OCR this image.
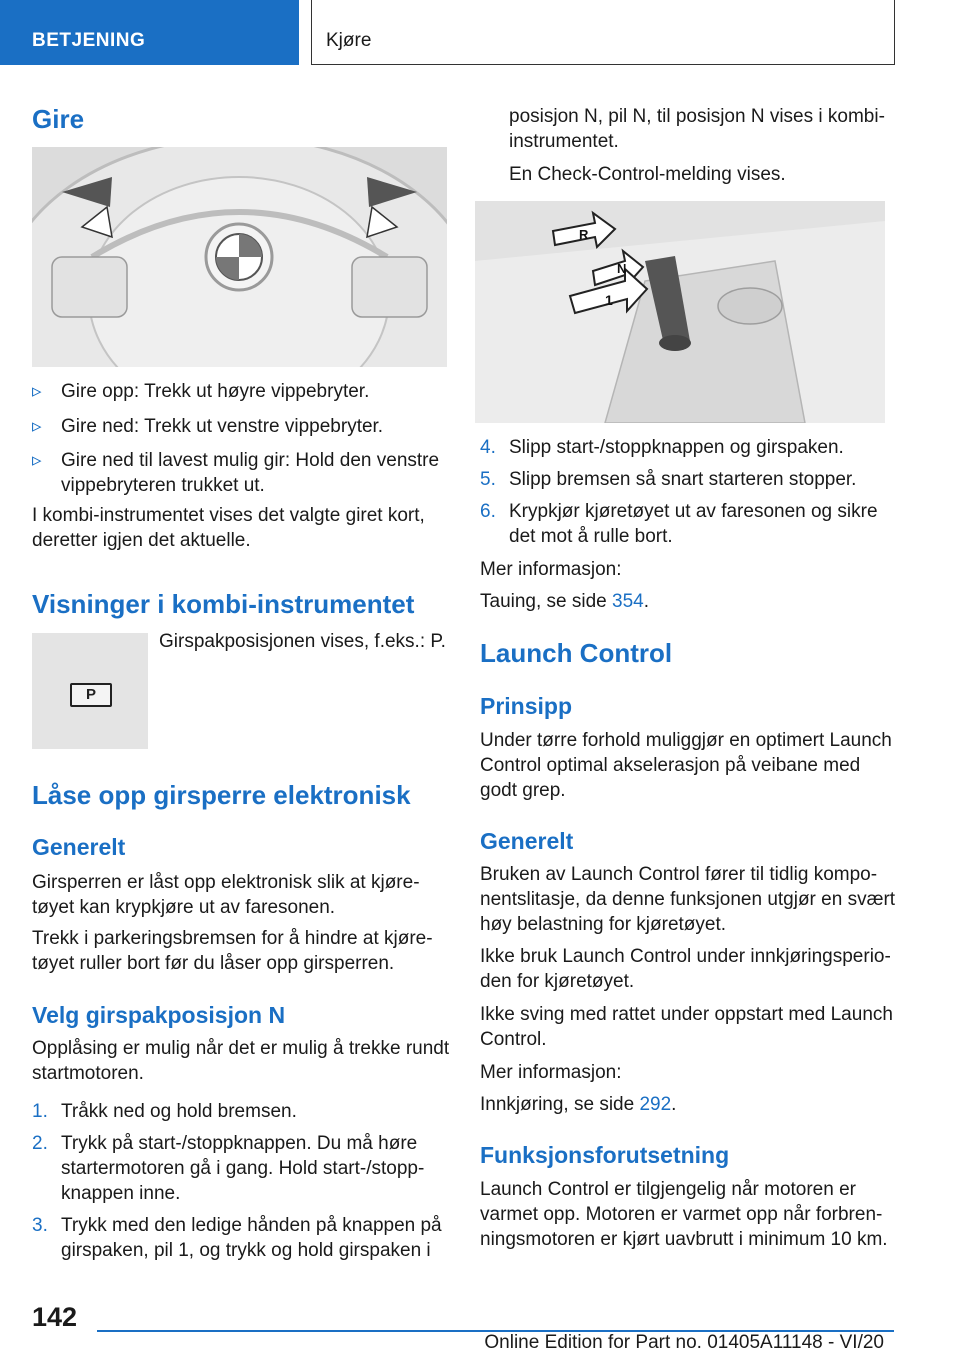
BETJENING	Kjøre
Gire
▹ Gire opp: Trekk ut høyre vippebryter.
▹ Gire ned: Trekk ut venstre vippebryter.
▹ Gire ned til lavest mulig gir: Hold den venstre vippebryteren trukket ut.

I kombi-instrumentet vises det valgte giret kort, deretter igjen det aktuelle.

Visninger i kombi-instrumentet
P

Girspakposisjonen vises, f.eks.: P.

Låse opp girsperre elektronisk
Generelt

Girsperren er låst opp elektronisk slik at kjøretøyet kan krypkjøre ut av faresonen.

Trekk i parkeringsbremsen for å hindre at kjøretøyet ruller bort før du låser opp girsperren.

Velg girspakposisjon N

Opplåsing er mulig når det er mulig å trekke rundt startmotoren.

1. Tråkk ned og hold bremsen.
2. Trykk på start-/stoppknappen. Du må høre startermotoren gå i gang. Hold start-/stoppknappen inne.
3. Trykk med den ledige hånden på knappen på girspaken, pil 1, og trykk og hold girspaken i

posisjon N, pil N, til posisjon N vises i kombiinstrumentet.

En Check-Control-melding vises.

R
N
1
4. Slipp start-/stoppknappen og girspaken.
5. Slipp bremsen så snart starteren stopper.
6. Krypkjør kjøretøyet ut av faresonen og sikre det mot å rulle bort.

Mer informasjon:

Tauing, se side 354.

Launch Control
Prinsipp

Under tørre forhold muliggjør en optimert Launch Control optimal akselerasjon på veibane med godt grep.

Generelt

Bruken av Launch Control fører til tidlig komponentslitasje, da denne funksjonen utgjør en svært høy belastning for kjøretøyet.

Ikke bruk Launch Control under innkjøringsperioden for kjøretøyet.

Ikke sving med rattet under oppstart med Launch Control.

Mer informasjon:

Innkjøring, se side 292.

Funksjonsforutsetning

Launch Control er tilgjengelig når motoren er varmet opp. Motoren er varmet opp når forbrenningsmotoren er kjørt uavbrutt i minimum 10 km.

142
Online Edition for Part no. 01405A11148 - VI/20
